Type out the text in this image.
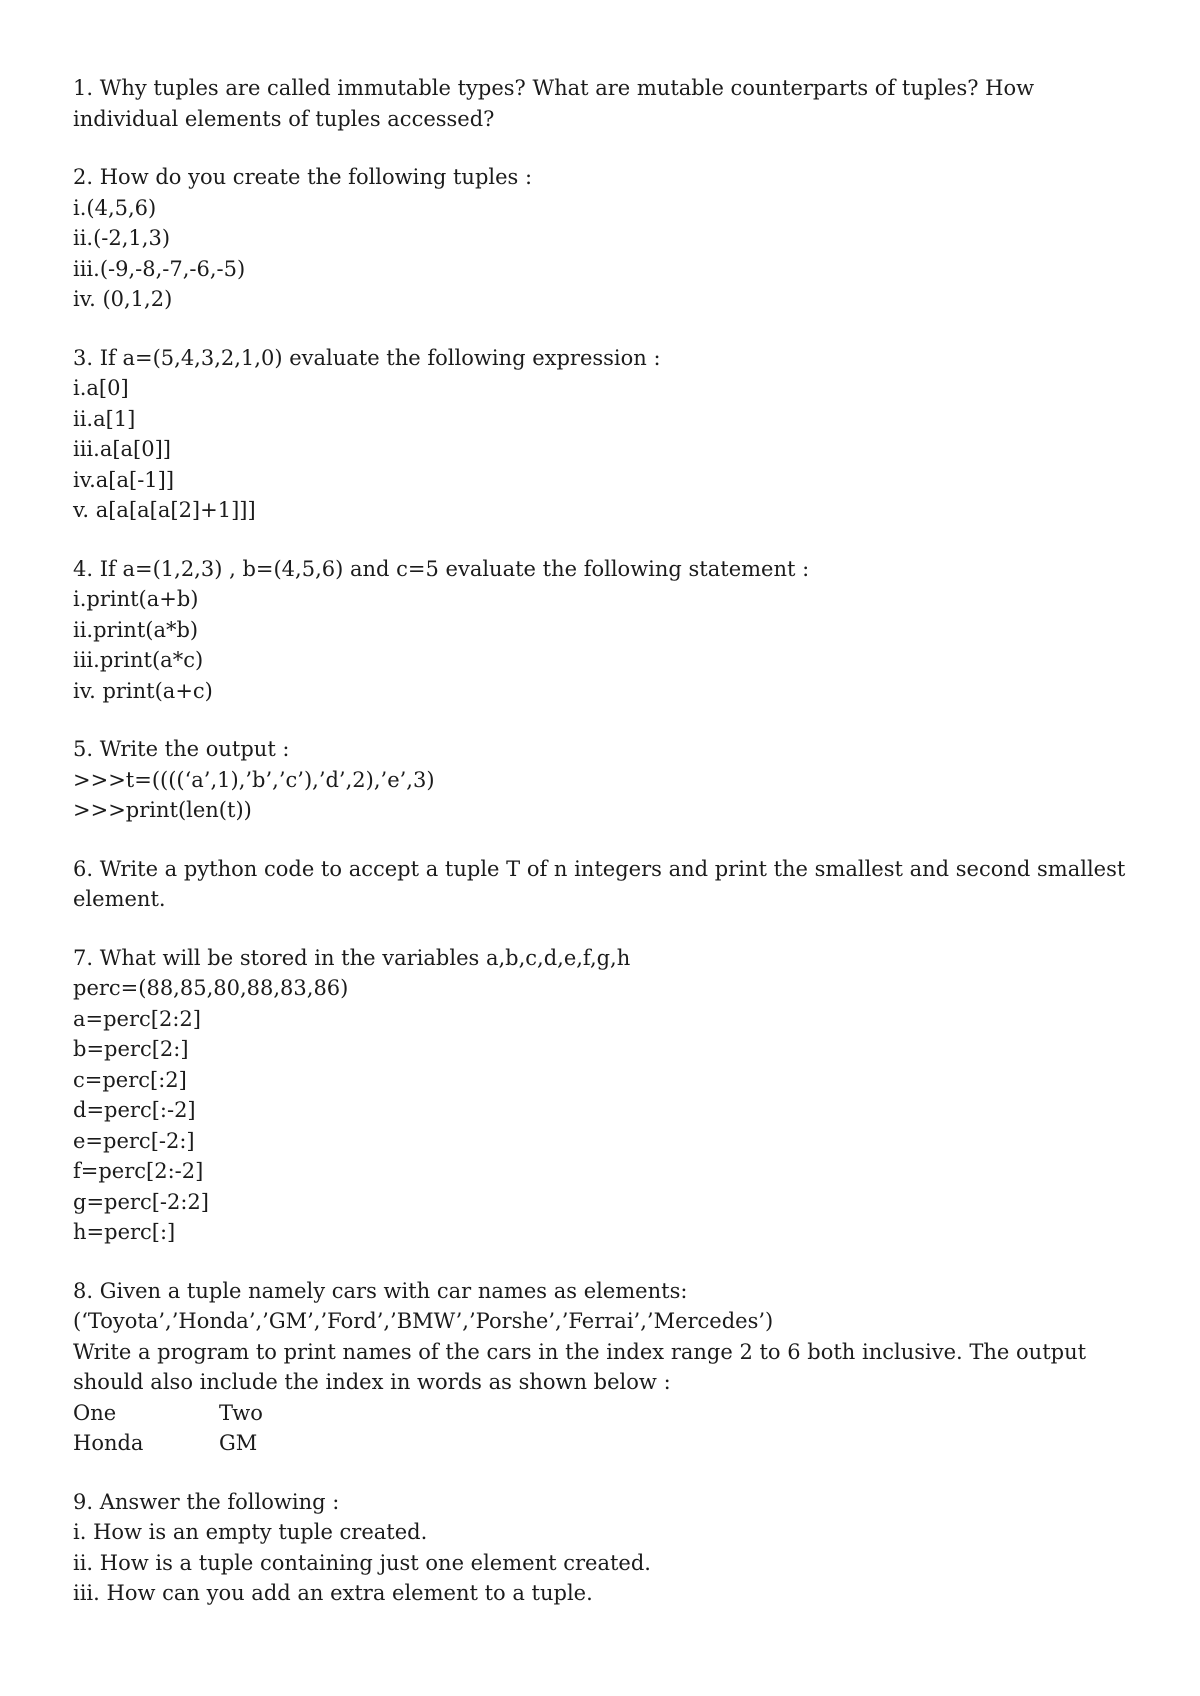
1. Why tuples are called immutable types? What are mutable counterparts of tuples? How individual elements of tuples accessed?
2. How do you create the following tuples :
i.(4,5,6)
ii.(-2,1,3)
iii.(-9,-8,-7,-6,-5)
iv. (0,1,2)
3. If a=(5,4,3,2,1,0) evaluate the following expression :
i.a[0]
ii.a[1]
iii.a[a[0]]
iv.a[a[-1]]
v. a[a[a[a[2]+1]]]
4. If a=(1,2,3) , b=(4,5,6) and c=5 evaluate the following statement :
i.print(a+b)
ii.print(a*b)
iii.print(a*c)
iv. print(a+c)
5. Write the output :
>>>t=((((‘a’,1),’b’,’c’),’d’,2),’e’,3)
>>>print(len(t))
6. Write a python code to accept a tuple T of n integers and print the smallest and second smallest element.
7. What will be stored in the variables a,b,c,d,e,f,g,h
perc=(88,85,80,88,83,86)
a=perc[2:2]
b=perc[2:]
c=perc[:2]
d=perc[:-2]
e=perc[-2:]
f=perc[2:-2]
g=perc[-2:2]
h=perc[:]
8. Given a tuple namely cars with car names as elements:
(‘Toyota’,’Honda’,’GM’,’Ford’,’BMW’,’Porshe’,’Ferrai’,’Mercedes’)
Write a program to print names of the cars in the index range 2 to 6 both inclusive. The output should also include the index in words as shown below :
One	Two
Honda	GM
9. Answer the following :
i. How is an empty tuple created.
ii. How is a tuple containing just one element created.
iii. How can you add an extra element to a tuple.
